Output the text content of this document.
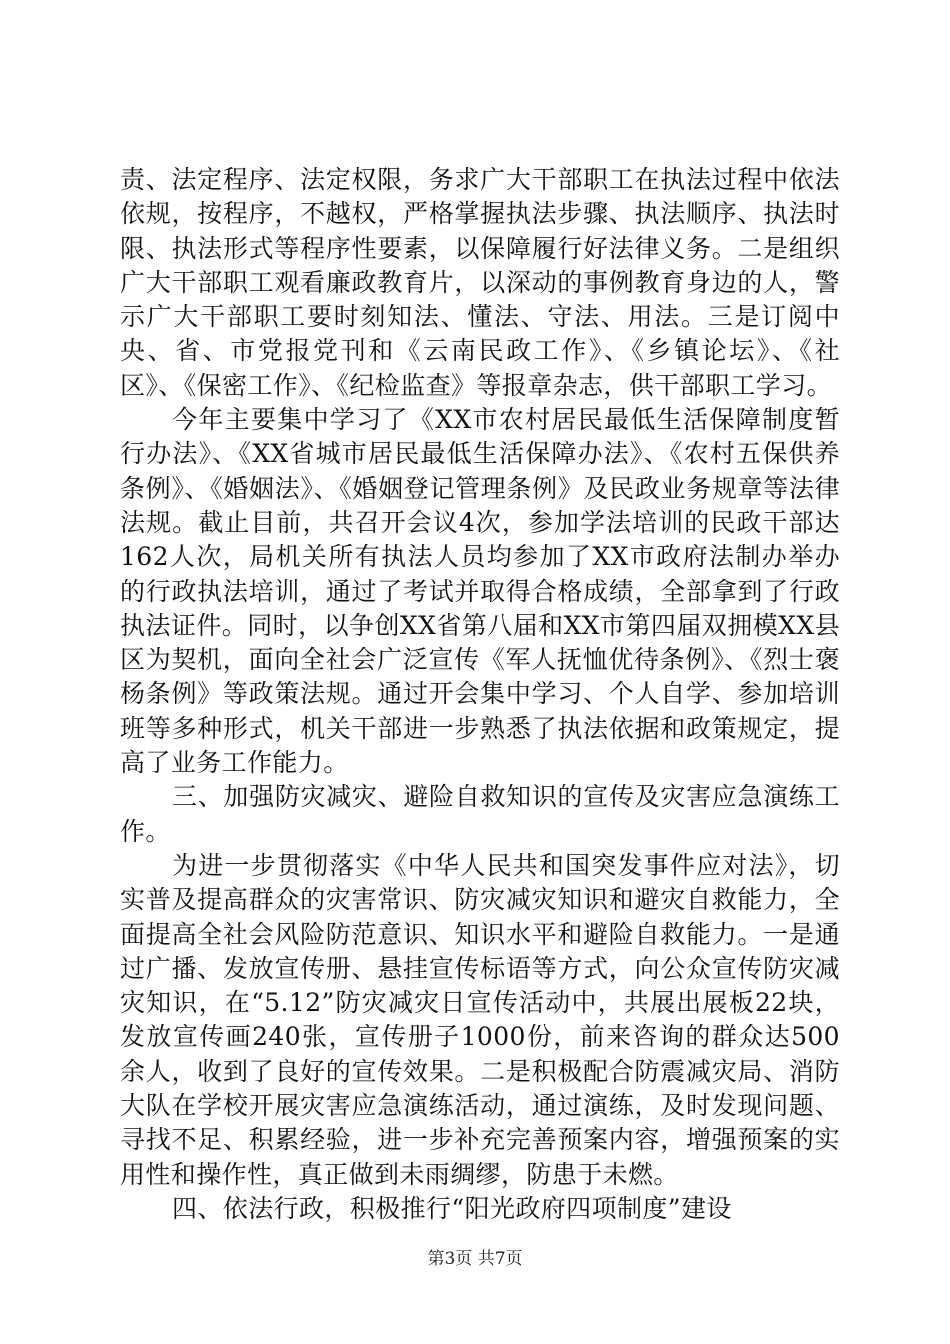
责、法定程序、法定权限，务求广大干部职工在执法过程中依法依规，按程序，不越权，严格掌握执法步骤、执法顺序、执法时限、执法形式等程序性要素，以保障履行好法律义务。二是组织广大干部职工观看廉政教育片，以深动的事例教育身边的人，警示广大干部职工要时刻知法、懂法、守法、用法。三是订阅中央、省、市党报党刊和《云南民政工作》、《乡镇论坛》、《社区》、《保密工作》、《纪检监查》等报章杂志，供干部职工学习。

今年主要集中学习了《XX市农村居民最低生活保障制度暂行办法》、《XX省城市居民最低生活保障办法》、《农村五保供养条例》、《婚姻法》、《婚姻登记管理条例》及民政业务规章等法律法规。截止目前，共召开会议4次，参加学法培训的民政干部达162人次，局机关所有执法人员均参加了XX市政府法制办举办的行政执法培训，通过了考试并取得合格成绩，全部拿到了行政执法证件。同时，以争创XX省第八届和XX市第四届双拥模XX县区为契机，面向全社会广泛宣传《军人抚恤优待条例》、《烈士褒杨条例》等政策法规。通过开会集中学习、个人自学、参加培训班等多种形式，机关干部进一步熟悉了执法依据和政策规定，提高了业务工作能力。

三、加强防灾减灾、避险自救知识的宣传及灾害应急演练工作。

为进一步贯彻落实《中华人民共和国突发事件应对法》，切实普及提高群众的灾害常识、防灾减灾知识和避灾自救能力，全面提高全社会风险防范意识、知识水平和避险自救能力。一是通过广播、发放宣传册、悬挂宣传标语等方式，向公众宣传防灾减灾知识，在“5.12”防灾减灾日宣传活动中，共展出展板22块，发放宣传画240张，宣传册子1000份，前来咨询的群众达500余人，收到了良好的宣传效果。二是积极配合防震减灾局、消防大队在学校开展灾害应急演练活动，通过演练，及时发现问题、寻找不足、积累经验，进一步补充完善预案内容，增强预案的实用性和操作性，真正做到未雨绸缪，防患于未燃。

四、依法行政，积极推行“阳光政府四项制度”建设

第3页 共7页
